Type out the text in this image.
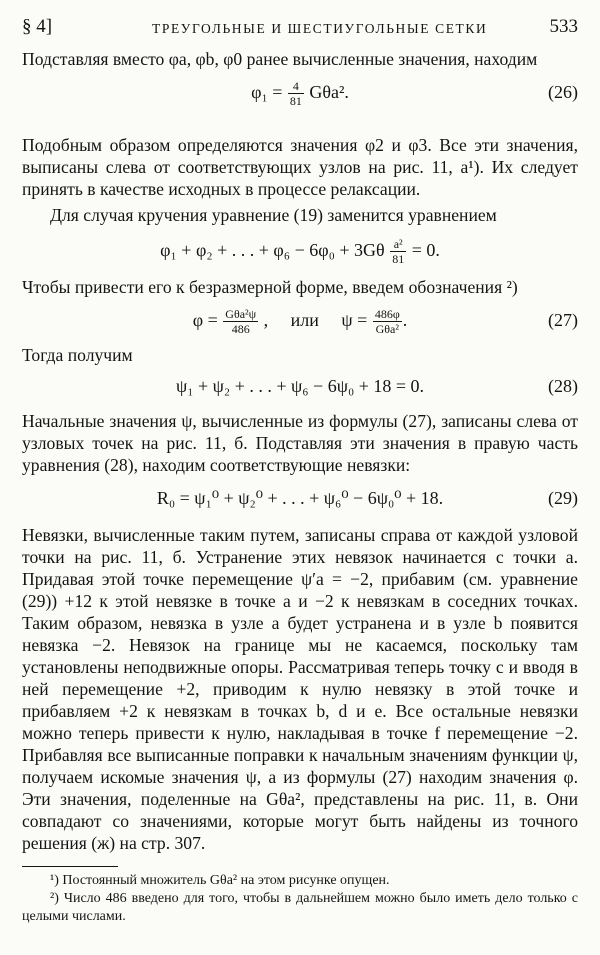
§ 4]	ТРЕУГОЛЬНЫЕ И ШЕСТИУГОЛЬНЫЕ СЕТКИ	533

Подставляя вместо φa, φb, φ0 ранее вычисленные значения, находим

$\varphi_1 = \frac{4}{81} G\theta a^2$.	(26)

Подобным образом определяются значения φ2 и φ3. Все эти значения, выписаны слева от соответствующих узлов на рис. 11, а¹). Их следует принять в качестве исходных в процессе релаксации.

Для случая кручения уравнение (19) заменится уравнением

φ₁ + φ₂ + . . . + $\varphi_6 - 6\varphi_0 + 3G\theta \frac{\text{a²}}{81} = 0$.

Чтобы привести его к безразмерной форме, введем обозначения ²)

$\varphi = \frac{\text{Gθa²ψ}}{486}$ ,     или     $\psi = \frac{486\varphi}{\text{Gθa²}}$ .	(27)

Тогда получим

ψ₁ + ψ₂ + . . . + ψ₆ − 6ψ₀ + 18 = 0.	(28)

Начальные значения ψ, вычисленные из формулы (27), записаны слева от узловых точек на рис. 11, б. Подставляя эти значения в правую часть уравнения (28), находим соответствующие невязки:

R₀ = ψ₁⁰ + ψ₂⁰ + . . . + ψ₆⁰ − 6ψ₀⁰ + 18.	(29)

Невязки, вычисленные таким путем, записаны справа от каждой узловой точки на рис. 11, б. Устранение этих невязок начинается с точки а. Придавая этой точке перемещение ψ′a = −2, прибавим (см. уравнение (29)) +12 к этой невязке в точке а и −2 к невязкам в соседних точках. Таким образом, невязка в узле а будет устранена и в узле b появится невязка −2. Невязок на границе мы не касаемся, поскольку там установлены неподвижные опоры. Рассматривая теперь точку с и вводя в ней перемещение +2, приводим к нулю невязку в этой точке и прибавляем +2 к невязкам в точках b, d и е. Все остальные невязки можно теперь привести к нулю, накладывая в точке f перемещение −2. Прибавляя все выписанные поправки к начальным значениям функции ψ, получаем искомые значения ψ, а из формулы (27) находим значения φ. Эти значения, поделенные на Gθa², представлены на рис. 11, в. Они совпадают со значениями, которые могут быть найдены из точного решения (ж) на стр. 307.

¹) Постоянный множитель Gθa² на этом рисунке опущен.

²) Число 486 введено для того, чтобы в дальнейшем можно было иметь дело только с целыми числами.
